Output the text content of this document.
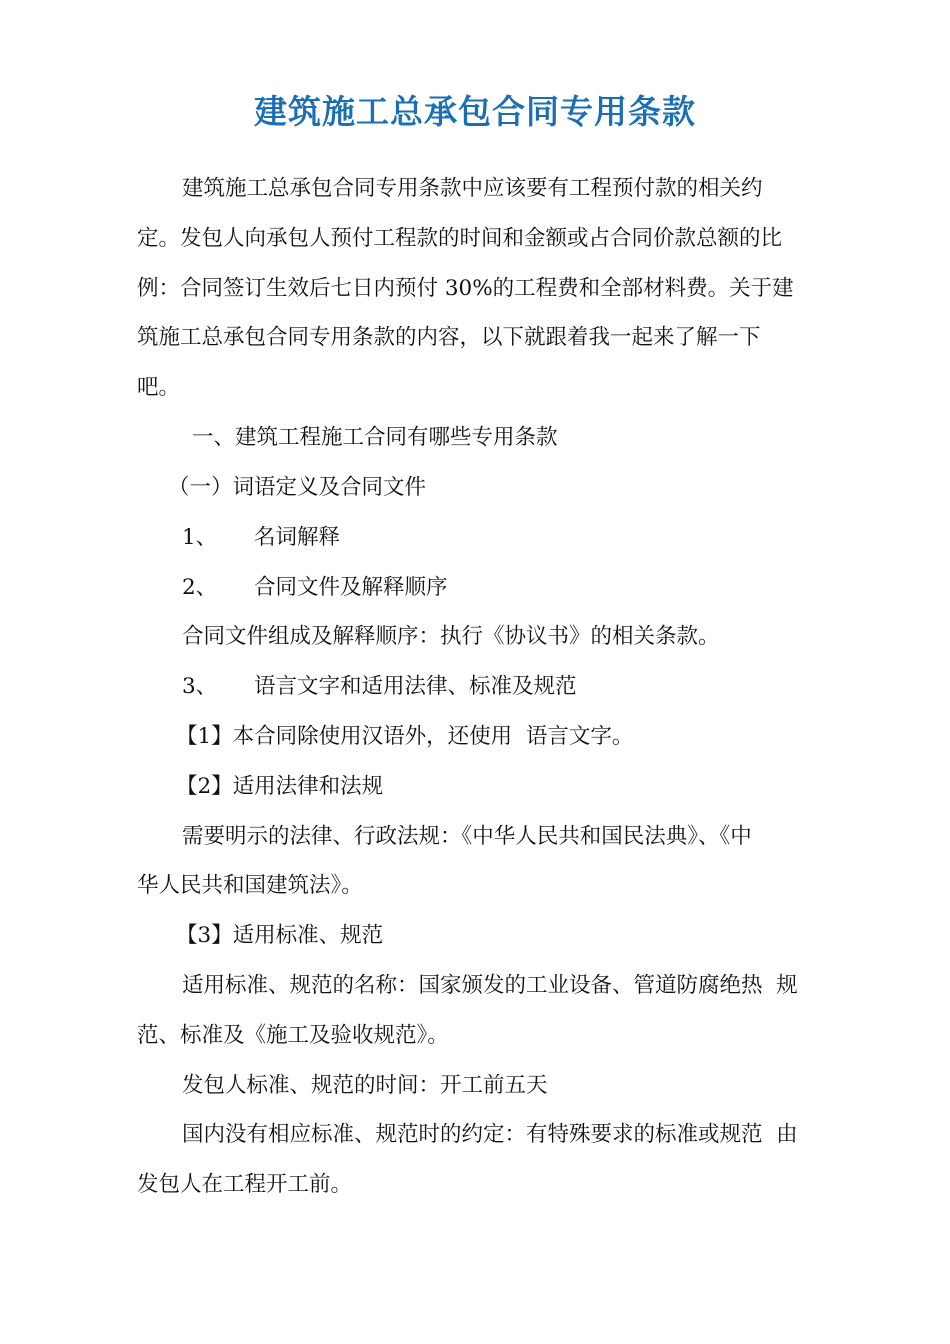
建筑施工总承包合同专用条款
建筑施工总承包合同专用条款中应该要有工程预付款的相关约
定。发包人向承包人预付工程款的时间和金额或占合同价款总额的比
例：合同签订生效后七日内预付 30%的工程费和全部材料费。关于建
筑施工总承包合同专用条款的内容，以下就跟着我一起来了解一下
吧。
一、建筑工程施工合同有哪些专用条款
（一）词语定义及合同文件
1、 名词解释
2、 合同文件及解释顺序
合同文件组成及解释顺序：执行《协议书》的相关条款。
3、 语言文字和适用法律、标准及规范
【1】本合同除使用汉语外，还使用  语言文字。
【2】适用法律和法规
需要明示的法律、行政法规：《中华人民共和国民法典》、《中
华人民共和国建筑法》。
【3】适用标准、规范
适用标准、规范的名称：国家颁发的工业设备、管道防腐绝热  规
范、标准及《施工及验收规范》。
发包人标准、规范的时间：开工前五天
国内没有相应标准、规范时的约定：有特殊要求的标准或规范  由
发包人在工程开工前。
